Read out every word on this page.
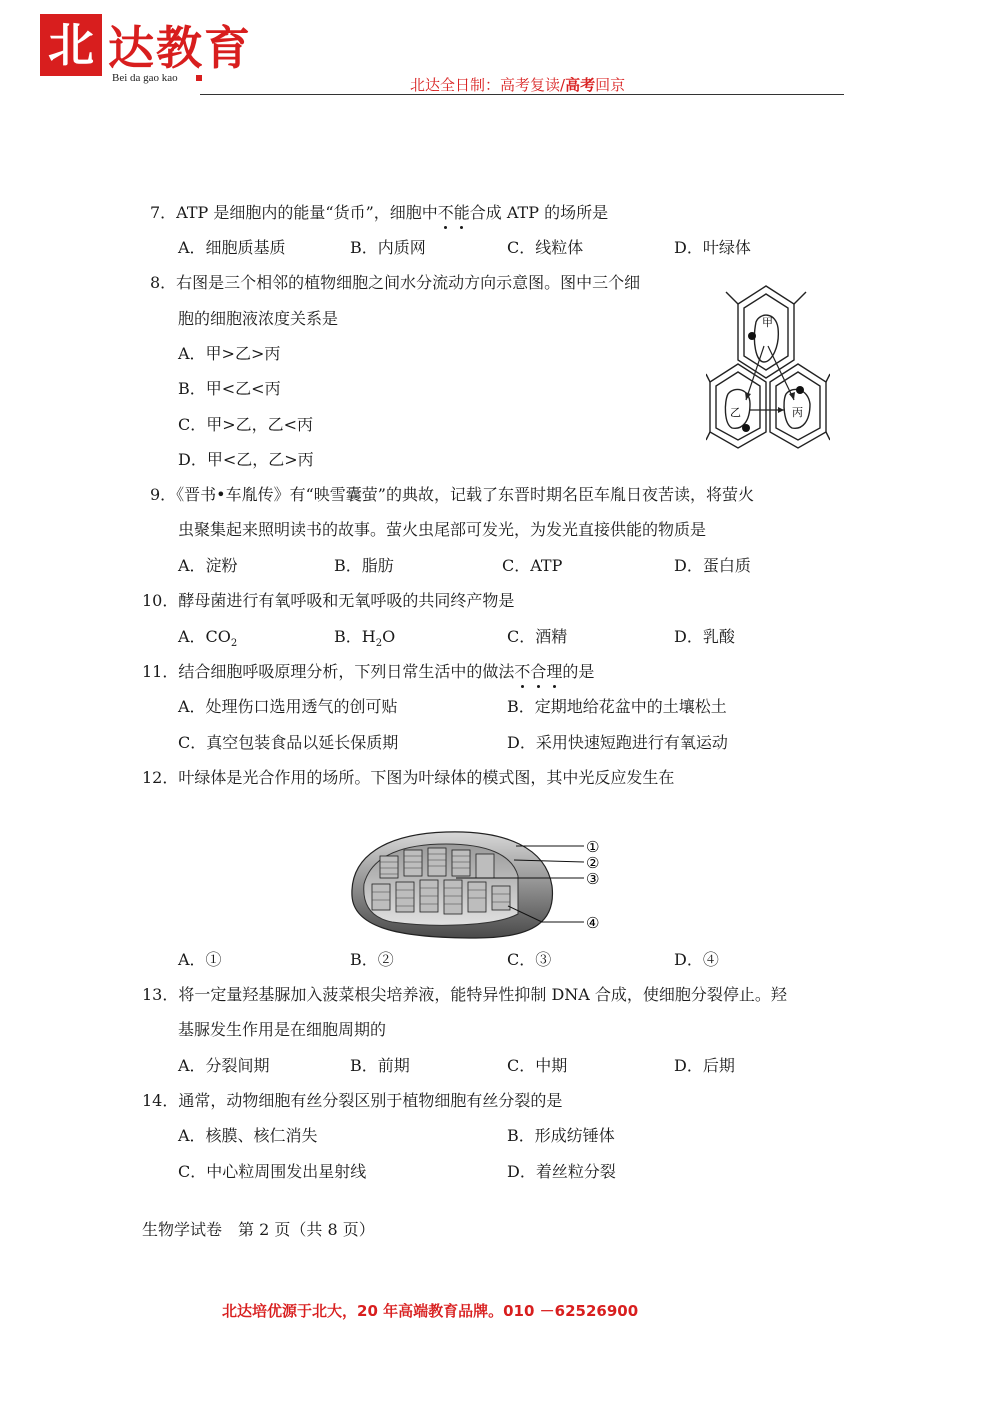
北 达教育
Bei da gao kao	北达全日制：高考复读/高考回京
7．ATP 是细胞内的能量“货币”，细胞中不能合成 ATP 的场所是
A．细胞质基质	B．内质网	C．线粒体	D．叶绿体
8．右图是三个相邻的植物细胞之间水分流动方向示意图。图中三个细
胞的细胞液浓度关系是
A．甲>乙>丙
B．甲<乙<丙
C．甲>乙，乙<丙
D．甲<乙，乙>丙
甲
乙	丙
9．《晋书•车胤传》有“映雪囊萤”的典故，记载了东晋时期名臣车胤日夜苦读，将萤火
虫聚集起来照明读书的故事。萤火虫尾部可发光，为发光直接供能的物质是
A．淀粉	B．脂肪	C．ATP	D．蛋白质
10．酵母菌进行有氧呼吸和无氧呼吸的共同终产物是
A．$CO_2$	B．$H_2O$	C．酒精	D．乳酸
11．结合细胞呼吸原理分析，下列日常生活中的做法不合理的是
A．处理伤口选用透气的创可贴	B．定期地给花盆中的土壤松土
C．真空包装食品以延长保质期	D．采用快速短跑进行有氧运动
12．叶绿体是光合作用的场所。下图为叶绿体的模式图，其中光反应发生在
①
②
③
④
A．①	B．②	C．③	D．④
13．将一定量羟基脲加入菠菜根尖培养液，能特异性抑制 DNA 合成，使细胞分裂停止。羟
基脲发生作用是在细胞周期的
A．分裂间期	B．前期	C．中期	D．后期
14．通常，动物细胞有丝分裂区别于植物细胞有丝分裂的是
A．核膜、核仁消失	B．形成纺锤体
C．中心粒周围发出星射线	D．着丝粒分裂
生物学试卷　第 2 页（共 8 页）
北达培优源于北大，20 年高端教育品牌。010 －62526900
